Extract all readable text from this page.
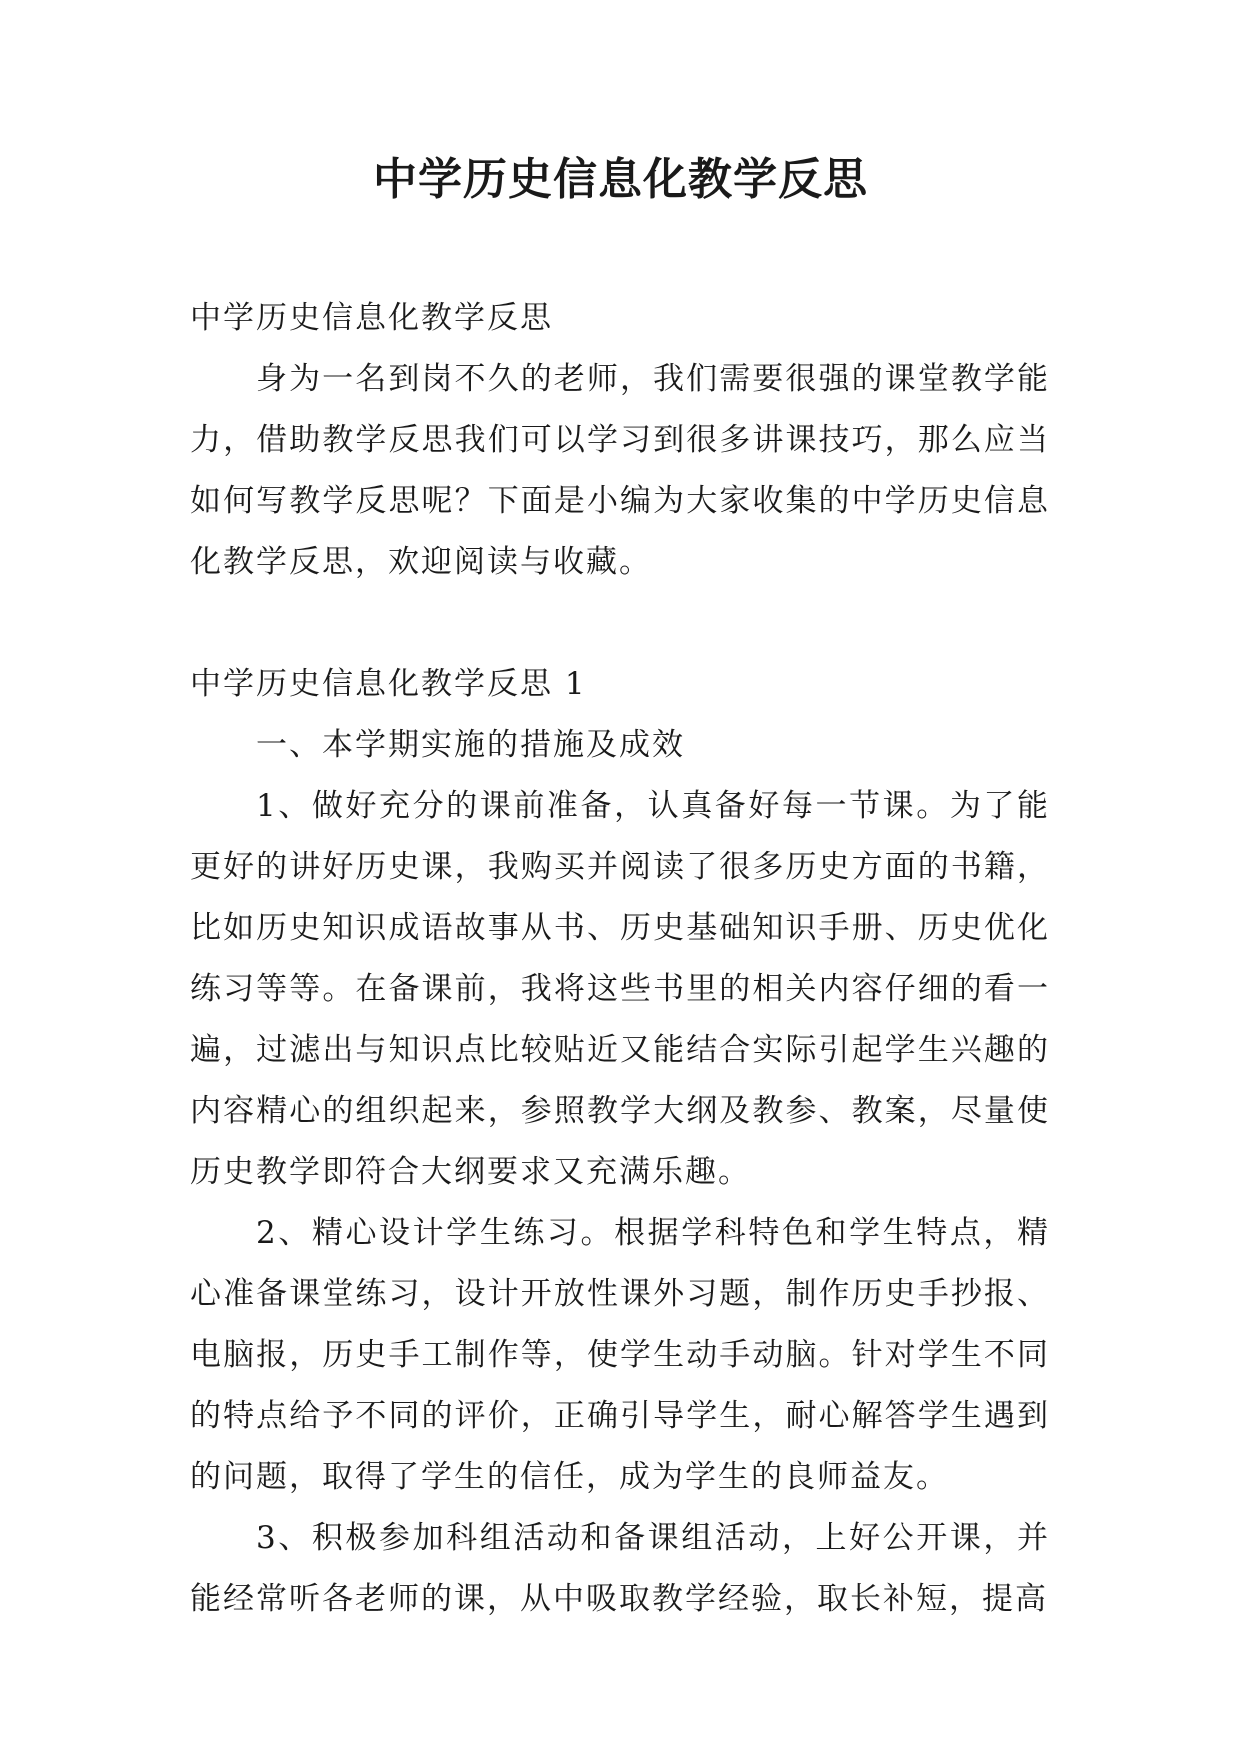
中学历史信息化教学反思

中学历史信息化教学反思

身为一名到岗不久的老师，我们需要很强的课堂教学能力，借助教学反思我们可以学习到很多讲课技巧，那么应当如何写教学反思呢？下面是小编为大家收集的中学历史信息化教学反思，欢迎阅读与收藏。

中学历史信息化教学反思 1

一、本学期实施的措施及成效

1、做好充分的课前准备，认真备好每一节课。为了能更好的讲好历史课，我购买并阅读了很多历史方面的书籍，比如历史知识成语故事从书、历史基础知识手册、历史优化练习等等。在备课前，我将这些书里的相关内容仔细的看一遍，过滤出与知识点比较贴近又能结合实际引起学生兴趣的内容精心的组织起来，参照教学大纲及教参、教案，尽量使历史教学即符合大纲要求又充满乐趣。

2、精心设计学生练习。根据学科特色和学生特点，精心准备课堂练习，设计开放性课外习题，制作历史手抄报、电脑报，历史手工制作等，使学生动手动脑。针对学生不同的特点给予不同的评价，正确引导学生，耐心解答学生遇到的问题，取得了学生的信任，成为学生的良师益友。

3、积极参加科组活动和备课组活动，上好公开课，并能经常听各老师的课，从中吸取教学经验，取长补短，提高
